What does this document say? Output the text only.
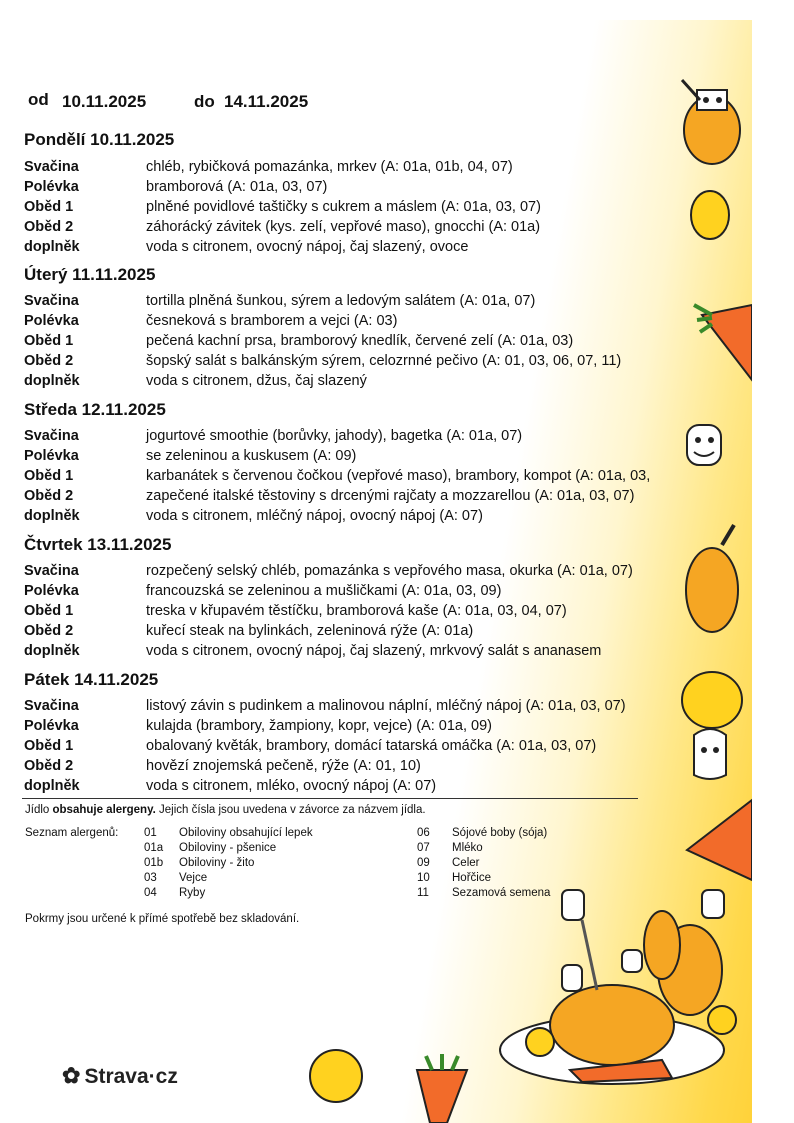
od 10.11.2025	do 14.11.2025
Pondělí 10.11.2025
Svačina	chléb, rybičková pomazánka, mrkev (A: 01a, 01b, 04, 07)
Polévka	bramborová (A: 01a, 03, 07)
Oběd 1	plněné povidlové taštičky s cukrem a máslem (A: 01a, 03, 07)
Oběd 2	záhorácký závitek (kys. zelí, vepřové maso), gnocchi (A: 01a)
doplněk	voda s citronem, ovocný nápoj, čaj slazený, ovoce
Úterý 11.11.2025
Svačina	tortilla plněná šunkou, sýrem a ledovým salátem (A: 01a, 07)
Polévka	česneková s bramborem a vejci (A: 03)
Oběd 1	pečená kachní prsa, bramborový knedlík, červené zelí (A: 01a, 03)
Oběd 2	šopský salát s balkánským sýrem, celozrnné pečivo (A: 01, 03, 06, 07, 11)
doplněk	voda s citronem, džus, čaj slazený
Středa 12.11.2025
Svačina	jogurtové smoothie (borůvky, jahody), bagetka (A: 01a, 07)
Polévka	se zeleninou a kuskusem (A: 09)
Oběd 1	karbanátek s červenou čočkou (vepřové maso), brambory, kompot (A: 01a, 03,
Oběd 2	zapečené italské těstoviny s drcenými rajčaty a mozzarellou (A: 01a, 03, 07)
doplněk	voda s citronem, mléčný nápoj, ovocný nápoj (A: 07)
Čtvrtek 13.11.2025
Svačina	rozpečený selský chléb, pomazánka s vepřového masa, okurka (A: 01a, 07)
Polévka	francouzská se zeleninou a mušličkami (A: 01a, 03, 09)
Oběd 1	treska v křupavém těstíčku, bramborová kaše (A: 01a, 03, 04, 07)
Oběd 2	kuřecí steak na bylinkách, zeleninová rýže (A: 01a)
doplněk	voda s citronem, ovocný nápoj, čaj slazený, mrkvový salát s ananasem
Pátek 14.11.2025
Svačina	listový závin s pudinkem a malinovou náplní, mléčný nápoj (A: 01a, 03, 07)
Polévka	kulajda (brambory, žampiony, kopr, vejce) (A: 01a, 09)
Oběd 1	obalovaný květák, brambory, domácí tatarská omáčka (A: 01a, 03, 07)
Oběd 2	hovězí znojemská pečeně, rýže (A: 01, 10)
doplněk	voda s citronem, mléko, ovocný nápoj (A: 07)
Jídlo obsahuje alergeny. Jejich čísla jsou uvedena v závorce za názvem jídla.
Seznam alergenů: 01 Obiloviny obsahující lepek
01a Obiloviny - pšenice
01b Obiloviny - žito
03 Vejce
04 Ryby
06 Sójové boby (sója)
07 Mléko
09 Celer
10 Hořčice
11 Sezamová semena
Pokrmy jsou určené k přímé spotřebě bez skladování.
✿ Strava·cz
